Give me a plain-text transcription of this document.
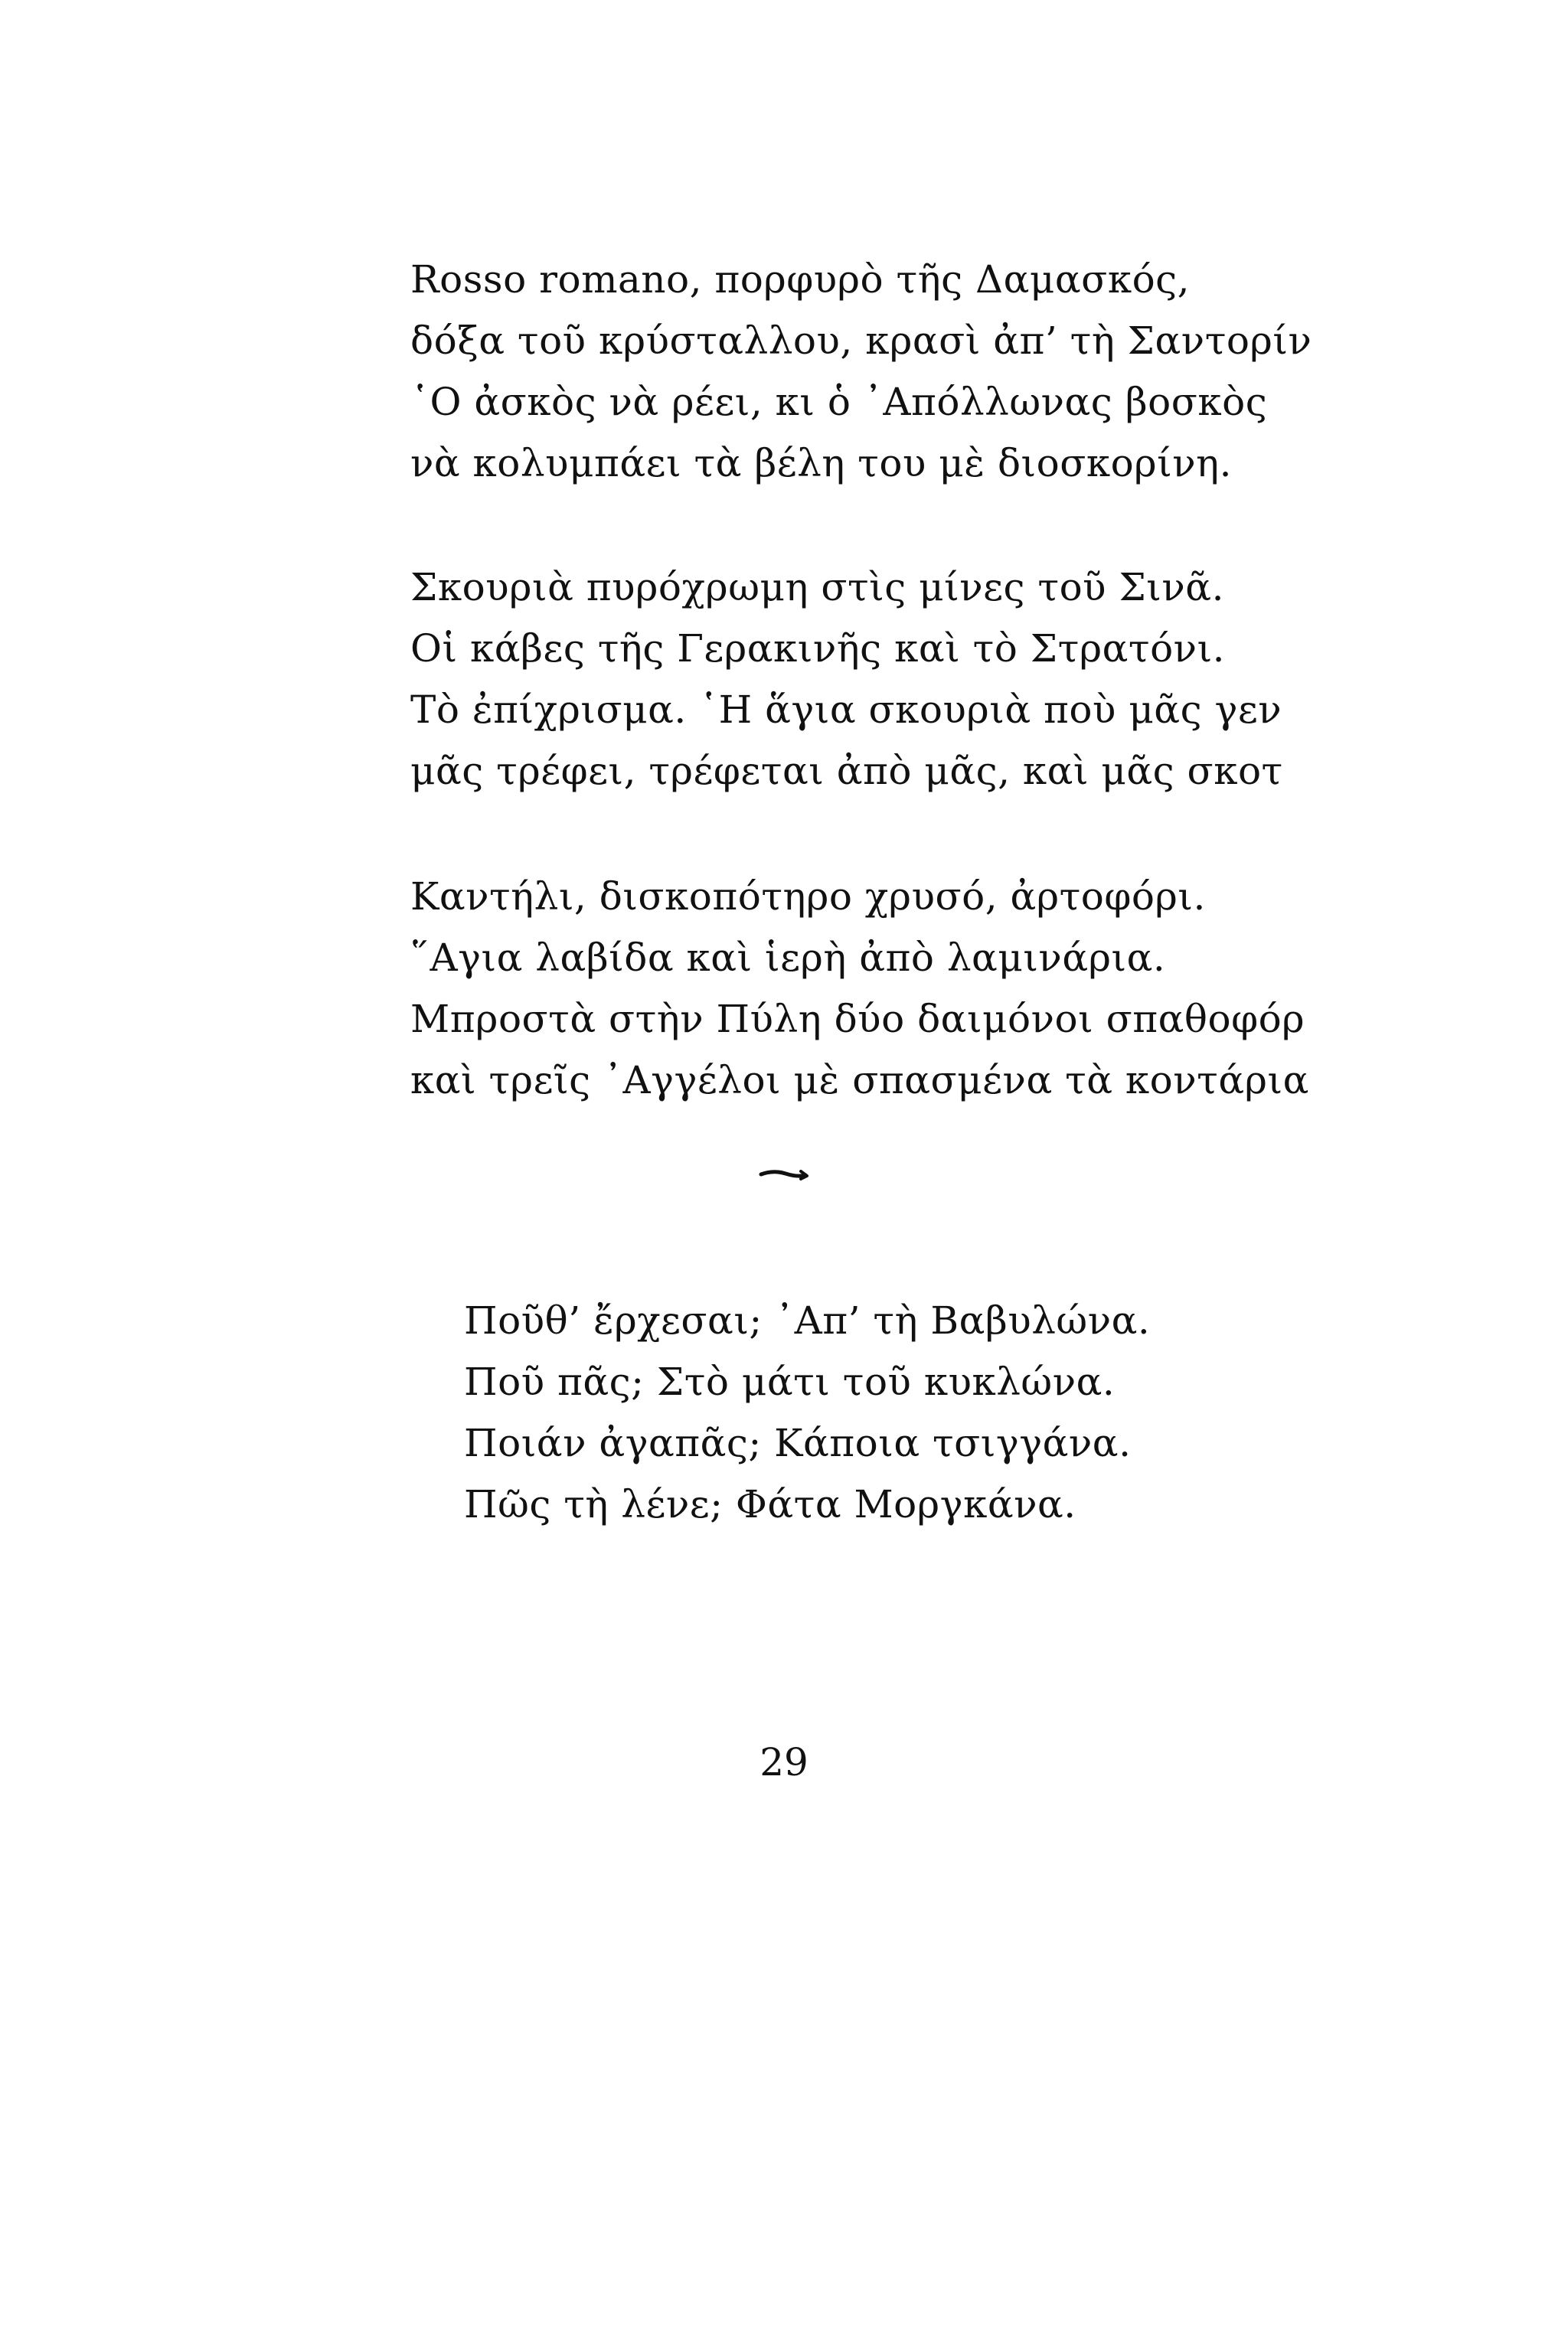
Rosso romano, πορφυρὸ τῆς Δαμασκός,
δόξα τοῦ κρύσταλλου, κρασὶ ἀπ’ τὴ Σαντορίν
῾Ο ἀσκὸς νὰ ρέει, κι ὁ ᾿Απόλλωνας βοσκὸς
νὰ κολυμπάει τὰ βέλη του μὲ διοσκορίνη.
Σκουριὰ πυρόχρωμη στὶς μίνες τοῦ Σινᾶ.
Οἱ κάβες τῆς Γερακινῆς καὶ τὸ Στρατόνι.
Τὸ ἐπίχρισμα. ῾Η ἅγια σκουριὰ ποὺ μᾶς γεν
μᾶς τρέφει, τρέφεται ἀπὸ μᾶς, καὶ μᾶς σκοτ
Καντήλι, δισκοπότηρο χρυσό, ἀρτοφόρι.
῞Αγια λαβίδα καὶ ἱερὴ ἀπὸ λαμινάρια.
Μπροστὰ στὴν Πύλη δύο δαιμόνοι σπαθοφόρ
καὶ τρεῖς ᾿Αγγέλοι μὲ σπασμένα τὰ κοντάρια
Ποῦθ’ ἔρχεσαι; ᾿Απ’ τὴ Βαβυλώνα.
Ποῦ πᾶς; Στὸ μάτι τοῦ κυκλώνα.
Ποιάν ἀγαπᾶς; Κάποια τσιγγάνα.
Πῶς τὴ λένε; Φάτα Μοργκάνα.
29
